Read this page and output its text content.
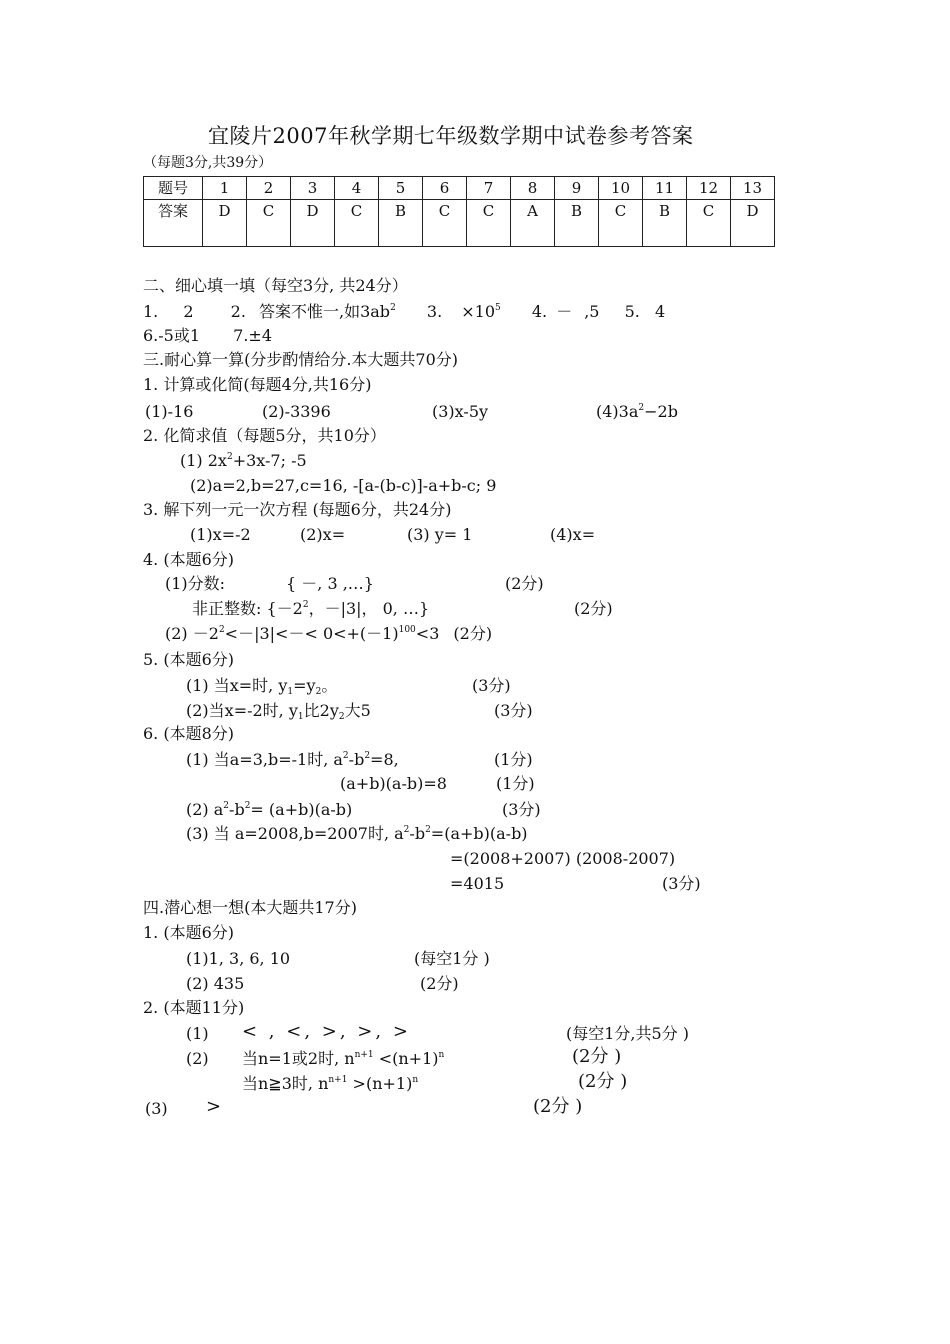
宜陵片2007年秋学期七年级数学期中试卷参考答案
（每题3分,共39分）
题号	1	2	3	4	5	6	7	8	9	10	11	12	13
答案	D	C	D	C	B	C	C	A	B	C	B	C	D
二、细心填一填（每空3分, 共24分）
1. 2 2. 答案不惟一,如$3ab^2$ 3. $\times 10^5$ 4. － ,5 5. 4
6.-5或1 7.±4
三.耐心算一算(分步酌情给分.本大题共70分)
1. 计算或化简(每题4分,共16分)
(1)-16	(2)-3396	(3)x-5y	$(4)3a^2-2b$
2. 化简求值（每题5分，共10分）
(1) $2x^2+3x-7$; -5
(2)a=2,b=27,c=16, -[a-(b-c)]-a+b-c; 9
3. 解下列一元一次方程 (每题6分，共24分)
(1)x=-2	(2)x=	(3) y= 1	(4)x=
4. (本题6分)
(1)分数:	{ －, 3 ,…}	(2分)
非正整数: {$-2^2$，－|3|， 0, …}	(2分)
$(2) -2^2<-|3|<-< 0<+(-1)^{100}<3$ (2分)
5. (本题6分)
(1) 当x=时, $y_1=y_2$。	(3分)
(2)当x=-2时, $y_1$比$2y_2$大5	(3分)
6. (本题8分)
(1) 当a=3,b=-1时, $a^2-b^2=8$,	(1分)
(a+b)(a-b)=8	(1分)
(2) $a^2-b^2= (a+b)(a-b)$	(3分)
(3) 当 a=2008,b=2007时, $a^2-b^2=(a+b)(a-b)$
=(2008+2007) (2008-2007)
=4015	(3分)
四.潜心想一想(本大题共17分)
1. (本题6分)
(1)1, 3, 6, 10	(每空1分 )
(2) 435	(2分)
2. (本题11分)
(1) < , <, >, >, >	(每空1分,共5分 )
(2) 当n=1或2时, $n^{n+1} <(n+1)^n$	(2分 )
当n≧3时, $n^{n+1} >(n+1)^n$	(2分 )
(3) >	(2分 )
